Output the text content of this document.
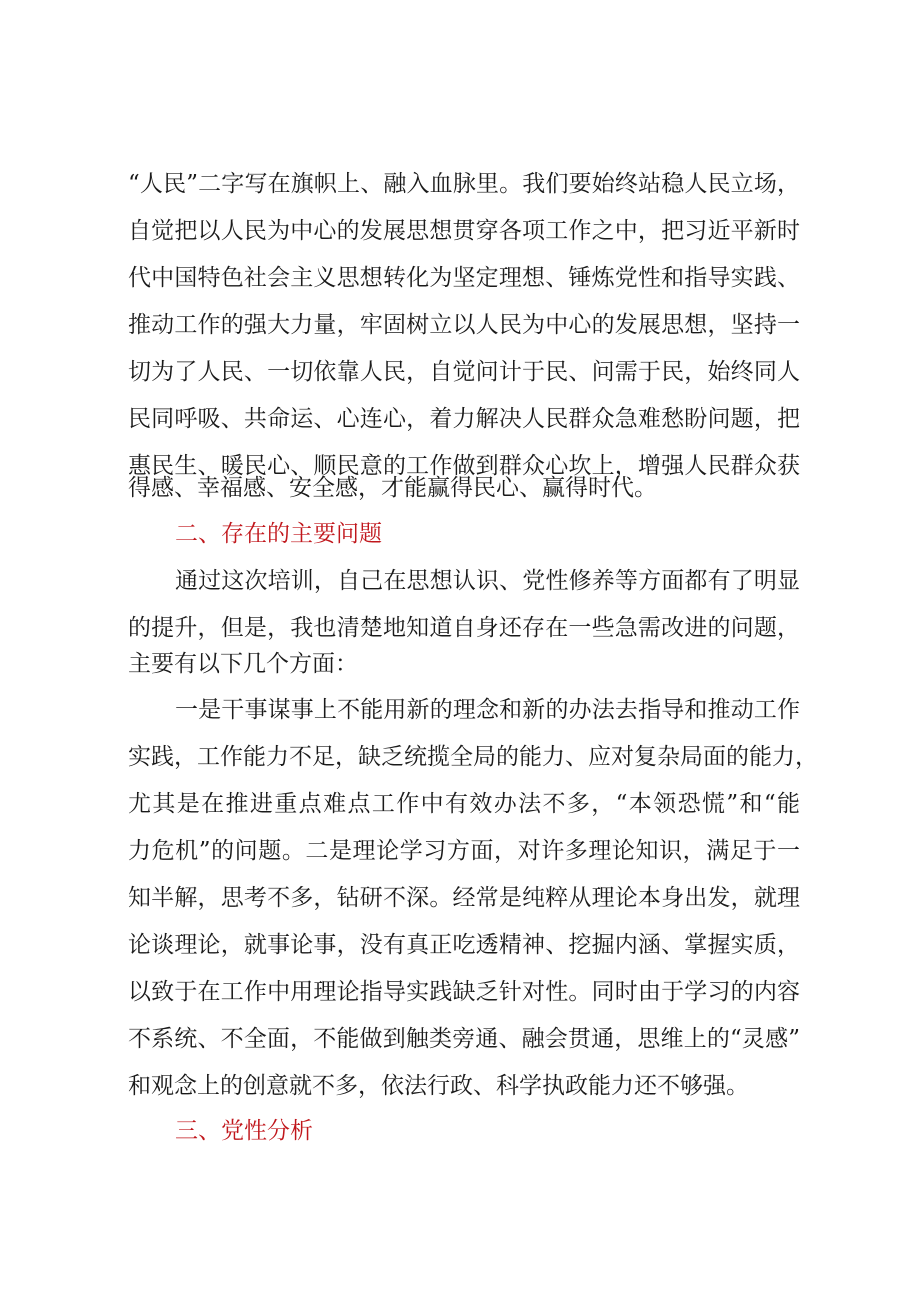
“人民”二字写在旗帜上、融入血脉里。我们要始终站稳人民立场，
自觉把以人民为中心的发展思想贯穿各项工作之中，把习近平新时
代中国特色社会主义思想转化为坚定理想、锤炼党性和指导实践、
推动工作的强大力量，牢固树立以人民为中心的发展思想，坚持一
切为了人民、一切依靠人民，自觉问计于民、问需于民，始终同人
民同呼吸、共命运、心连心，着力解决人民群众急难愁盼问题，把
惠民生、暖民心、顺民意的工作做到群众心坎上，增强人民群众获
得感、幸福感、安全感，才能赢得民心、赢得时代。
二、存在的主要问题
通过这次培训，自己在思想认识、党性修养等方面都有了明显
的提升，但是，我也清楚地知道自身还存在一些急需改进的问题，
主要有以下几个方面：
一是干事谋事上不能用新的理念和新的办法去指导和推动工作
实践，工作能力不足，缺乏统揽全局的能力、应对复杂局面的能力，
尤其是在推进重点难点工作中有效办法不多，“本领恐慌”和“能
力危机”的问题。二是理论学习方面，对许多理论知识，满足于一
知半解，思考不多，钻研不深。经常是纯粹从理论本身出发，就理
论谈理论，就事论事，没有真正吃透精神、挖掘内涵、掌握实质，
以致于在工作中用理论指导实践缺乏针对性。同时由于学习的内容
不系统、不全面，不能做到触类旁通、融会贯通，思维上的“灵感”
和观念上的创意就不多，依法行政、科学执政能力还不够强。
三、党性分析
